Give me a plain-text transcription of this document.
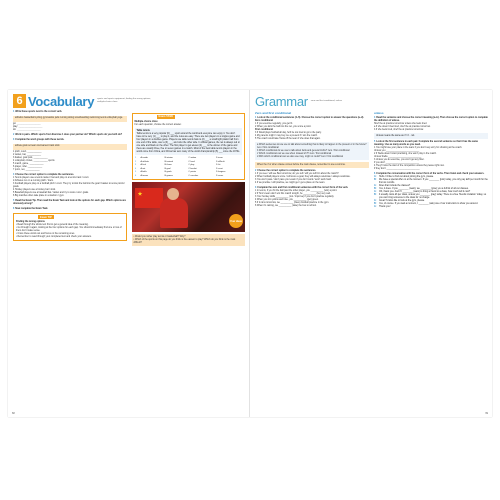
6 Vocabulary sports and sports equipment; finding the wrong options; multiple-choice cloze
1Write these sports next to the correct verb.
athletics basketball cycling gymnastics judo running skiing snowboarding swimming tennis volleyball yoga
go: ______________________
play: ______________________
do: ______________________
2Work in pairs. Which sports from Exercise 1 does your partner do? Which sports do you both do?
3Complete the word groups with these words.
athlete goal net team tournament track stick
1 pitch, court, ___________
2 racket, bat, ___________
3 basket, goal post, ___________
4 volleyball, cricket, ___________ sports
5 match, game, ___________
6 player, rider, ___________
7 point, net, ___________
4Choose the correct option to complete the sentences.
1 Tennis players use a tennis racket / bat and play on a tennis track / court.
2 Athletes run on a running pitch / track.
3 Football players play on a football pitch / court. They try to kick the ball into the goal / basket to score points / goals.
4 Hockey players use a hockey bat / stick.
5 Baseball players use a baseball bat / racket and try to score runs / goals.
6 Big matches often take place in a stadium / gym.
5Read the Exam Tip. Then read the Exam Task and look at the options for each gap. Which options are obviously wrong?
6Now complete the Exam Task.
Exam TIP
Finding the wrong options
• Read through the whole text first to get a general idea of the meaning.
• Go through it again, looking at the four options for each gap. You should immediately find one or two of them don't make sense.
• Cross these words out and focus on the remaining ones.
• Remember to read through your completed text and check your answers.
Exam TASK
Multiple-choice cloze
For each question, choose the correct answer.
Table tennis
Table tennis is a very popular (0) ___ sport around the world and everyone can enjoy it. You don't have to be very (1) ___ to play it, and the rules are easy. There are two players in a singles game and four players in a doubles game. Players use table tennis bats to (2) ___ a small light plastic ball from one end of the table, over a (3) ___, and onto the other side. In official games, the net is always red or one side and black on the other. The first player to get eleven (4) ___ is the winner of the game and there are usually three, five or seven games in a match. Most of the best table tennis players in the world come from China, and China has won many of the world championship (5) ___ since the 1970s.
1	A inside	B interior	C indoor	D inner
2	A athletic	B trained	C hard	D difficult
3	A kick	B throw	C play	D hit
4	A net	B goal	C basket	D court
5	A balls	B goals	C points	D leagues
6	A teams	B games	C coaches	D races
Your ideas
• Would you rather play tennis or basketball? Why?
• Which of the sports on this page do you think is the easiest to play? Which do you think is the most difficult?
68
Grammar zero and first conditional; unless
Zero and first conditional
1Look at the conditional sentences (1–5). Choose the correct option to answer the questions (a–d).
Zero conditional
1 If you exercise regularly, you get fit.
2 When you kick the ball into the net, you score a point.
First conditional
3 If David plays football all day, he'll be too tired to go to the party.
4 My parents might / may buy me a present if I win the match.
5 The coach could take Tania off the team if she does that again.
a Which sentences do we use to talk about something that is likely to happen in the present or in the future? zero / first conditional
b Which conditional do we use to talk about facts and general truths? zero / first conditional
c Which conditional can we use when instead of if? zero / first conditional
d With which conditional can we also use may, might or could? zero / first conditional
When the if or when clause comes before the main clause, remember to use a comma.
2Choose the correct option to complete the sentences.
1 If you see / will see Ben tomorrow, do you tell / will you tell him about the match?
2 When football players score / will score a goal, they will always celebrate / always celebrate.
3 You won't pass / don't pass your exam if you don't work / won't work hard.
4 If we practise / will practise, we might get / get a place on the team.
3Complete the zero and first conditional sentences with the correct form of the verb.
1 In tennis, if you hit the ball past the other player, you __________ (win) a point.
2 If Tom's team don't win this match tonight, he __________ (be) very sad.
3 Your hockey skills __________ (not / improve) if you don't practise regularly.
4 When you mix yellow and blue, you __________ (get) green.
5 If it rains tomorrow, we __________ (have) football practice in the gym.
6 When it's raining, we __________ (take) the bus to school.
unless
4Read the sentence and choose the correct meaning (a–b). Then choose the correct option to complete the definition of unless.
She'll be at practice tomorrow unless she feels tired.
a If she doesn't feel tired, she'll be at practice tomorrow.
b If she feels tired, she'll be at practice tomorrow.
Unless means the same as if / if... not.
5Look at the first sentence in each pair. Complete the second sentence so that it has the same meaning. Use as many words as you need.
1 You might lose your place in the team if you don't say sorry for shouting at the coach.
Unless you __________________________
2 If Stella doesn't start practising, she won't play in the match.
Unless Stella __________________________
3 Unless you do exercise, you won't get any fitter.
If you don't __________________________
4 They'll miss the start of the competition unless they leave right now.
If they don't __________________________
6Complete the conversation with the correct form of the verbs. Then listen and check your answers.
A:	Hello. I'd like to find out about joining the gym, please.
B:	We have a special offer on at the moment. If you ________ (join) today, you only pay £20 per month for the first six months.
A:	Does that include the classes?
B:	Yes, it does. If you ________ (want), we ________ (give) you a full list of all our classes.
A:	OK, thank you. And if I ________ (want) to bring a friend to a class, how much will it cost?
B:	It usually costs £3 per class, unless you ________ (pay) today. There is a free 'friends invitation' today, so you can bring someone to the class for no charge.
A:	Great! I'd also like to look at the gym, please.
B:	Yes, of course. If you wait a moment, I ________ (ask) one of our instructors to show you around.
A:	Thank you!
69
